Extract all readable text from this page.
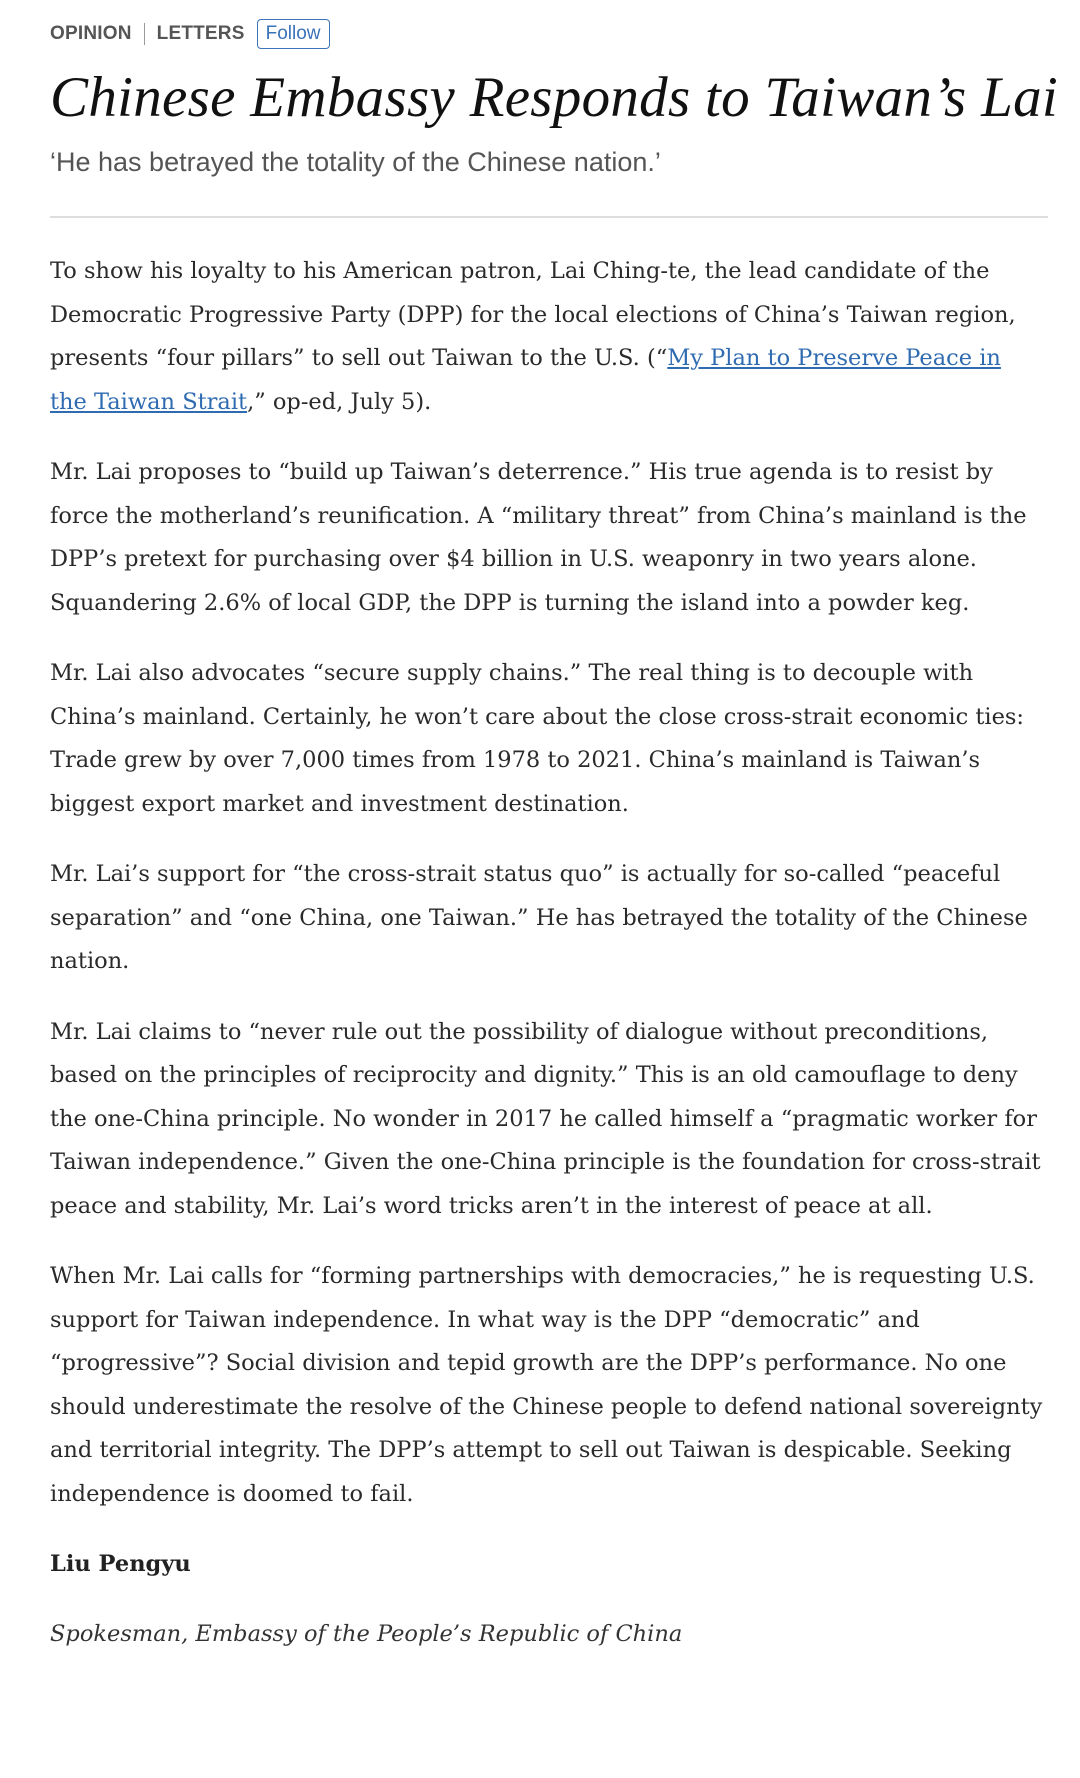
OPINION LETTERS	Follow
Chinese Embassy Responds to Taiwan’s Lai
‘He has betrayed the totality of the Chinese nation.’

To show his loyalty to his American patron, Lai Ching-te, the lead candidate of the Democratic Progressive Party (DPP) for the local elections of China’s Taiwan region, presents “four pillars” to sell out Taiwan to the U.S. (“My Plan to Preserve Peace in the Taiwan Strait,” op-ed, July 5).

Mr. Lai proposes to “build up Taiwan’s deterrence.” His true agenda is to resist by force the motherland’s reunification. A “military threat” from China’s mainland is the DPP’s pretext for purchasing over $4 billion in U.S. weaponry in two years alone. Squandering 2.6% of local GDP, the DPP is turning the island into a powder keg.

Mr. Lai also advocates “secure supply chains.” The real thing is to decouple with China’s mainland. Certainly, he won’t care about the close cross-strait economic ties: Trade grew by over 7,000 times from 1978 to 2021. China’s mainland is Taiwan’s biggest export market and investment destination.

Mr. Lai’s support for “the cross-strait status quo” is actually for so-called “peaceful separation” and “one China, one Taiwan.” He has betrayed the totality of the Chinese nation.

Mr. Lai claims to “never rule out the possibility of dialogue without preconditions, based on the principles of reciprocity and dignity.” This is an old camouflage to deny the one-China principle. No wonder in 2017 he called himself a “pragmatic worker for Taiwan independence.” Given the one-China principle is the foundation for cross-strait peace and stability, Mr. Lai’s word tricks aren’t in the interest of peace at all.

When Mr. Lai calls for “forming partnerships with democracies,” he is requesting U.S. support for Taiwan independence. In what way is the DPP “democratic” and “progressive”? Social division and tepid growth are the DPP’s performance. No one should underestimate the resolve of the Chinese people to defend national sovereignty and territorial integrity. The DPP’s attempt to sell out Taiwan is despicable. Seeking independence is doomed to fail.

Liu Pengyu
Spokesman, Embassy of the People’s Republic of China
